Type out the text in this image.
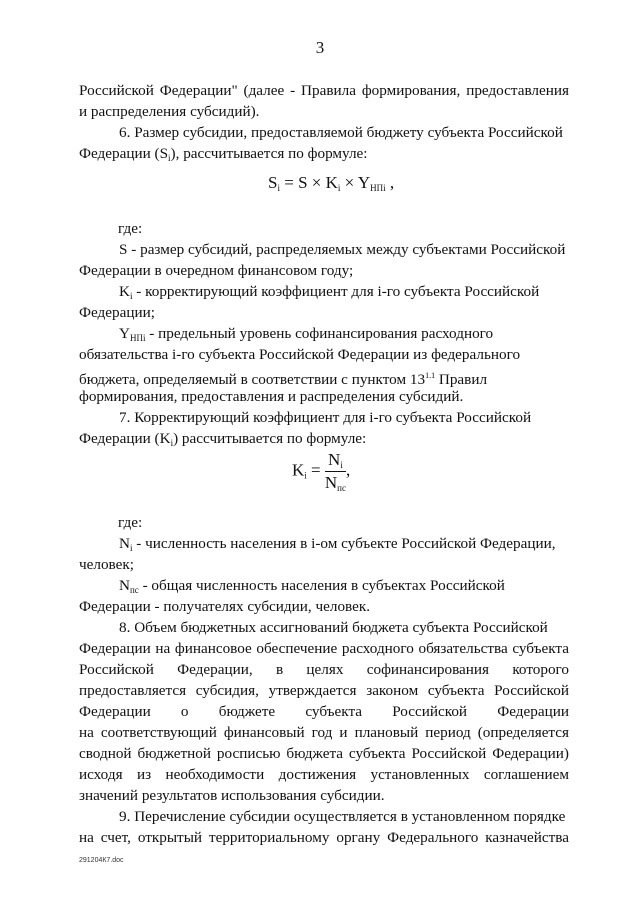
3
Российской Федерации" (далее - Правила формирования, предоставления
и распределения субсидий).
6. Размер субсидии, предоставляемой бюджету субъекта Российской
Федерации $(S_i)$, рассчитывается по формуле:
$S_i = S \times K_i \times Y_{НПi}$ ,
где:
S - размер субсидий, распределяемых между субъектами Российской
Федерации в очередном финансовом году;
$K_i$ - корректирующий коэффициент для i-го субъекта Российской
Федерации;
$Y_{НПi}$ - предельный уровень софинансирования расходного
обязательства i-го субъекта Российской Федерации из федерального
бюджета, определяемый в соответствии с пунктом $13^{1.1}$ Правил
формирования, предоставления и распределения субсидий.
7. Корректирующий коэффициент для i-го субъекта Российской
Федерации $(K_i)$ рассчитывается по формуле:
$K_i = \frac{N_i}{N_{пс}}$ ,
где:
$N_i$ - численность населения в i-ом субъекте Российской Федерации,
человек;
$N_{пс}$ - общая численность населения в субъектах Российской
Федерации - получателях субсидии, человек.
8. Объем бюджетных ассигнований бюджета субъекта Российской
Федерации на финансовое обеспечение расходного обязательства субъекта
Российской Федерации, в целях софинансирования которого
предоставляется субсидия, утверждается законом субъекта Российской
Федерации о бюджете субъекта Российской Федерации
на соответствующий финансовый год и плановый период (определяется
сводной бюджетной росписью бюджета субъекта Российской Федерации)
исходя из необходимости достижения установленных соглашением
значений результатов использования субсидии.
9. Перечисление субсидии осуществляется в установленном порядке
на счет, открытый территориальному органу Федерального казначейства
291204К7.doc
